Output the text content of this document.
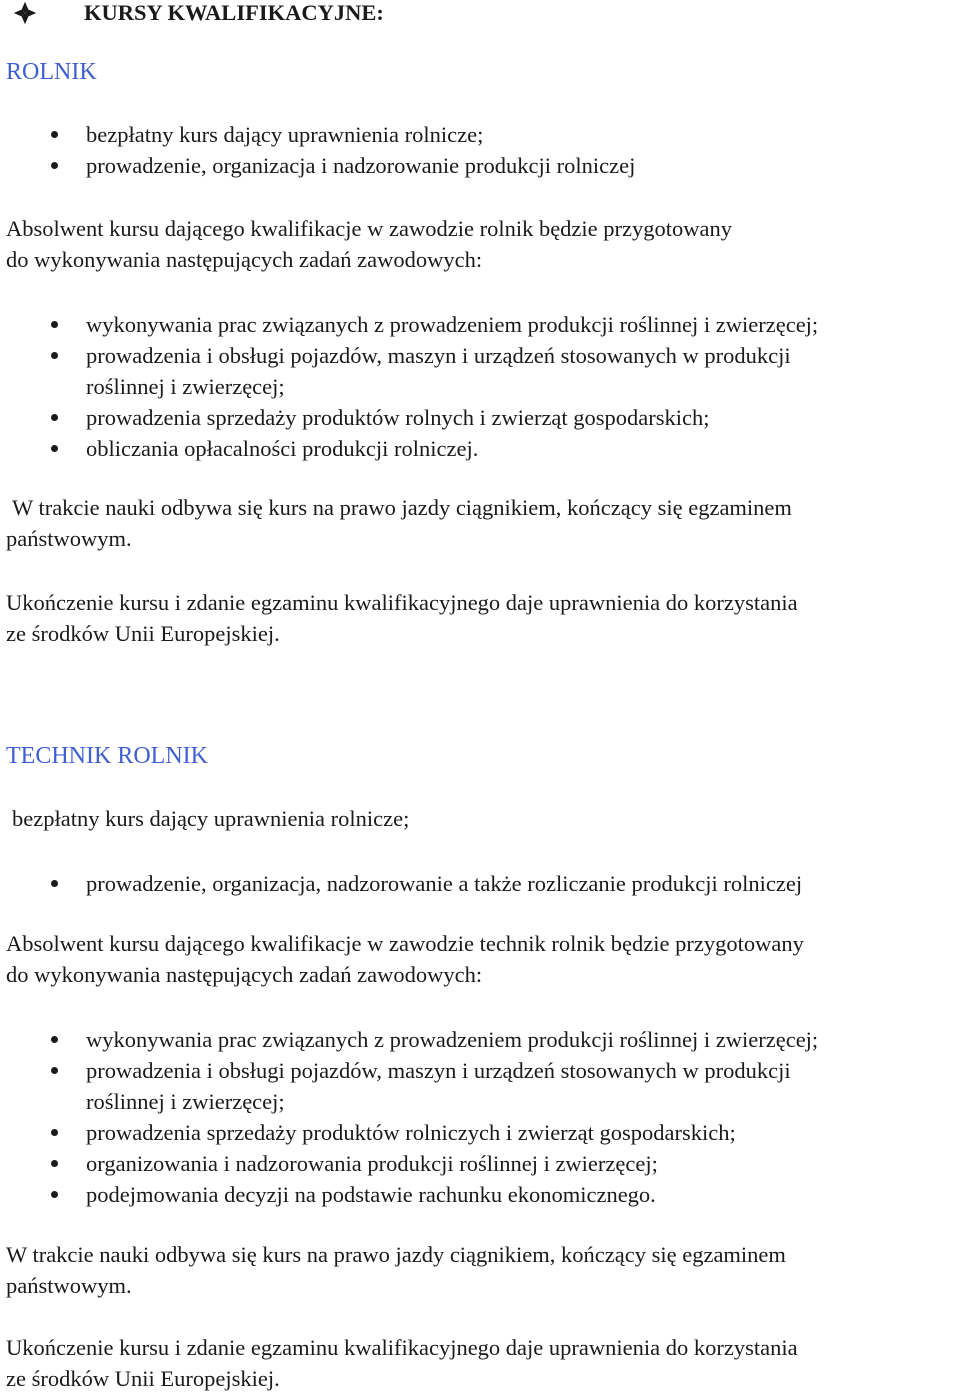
KURSY KWALIFIKACYJNE:
ROLNIK
bezpłatny kurs dający uprawnienia rolnicze;
prowadzenie, organizacja i nadzorowanie produkcji rolniczej
Absolwent kursu dającego kwalifikacje w zawodzie rolnik będzie przygotowany
do wykonywania następujących zadań zawodowych:
wykonywania prac związanych z prowadzeniem produkcji roślinnej i zwierzęcej;
prowadzenia i obsługi pojazdów, maszyn i urządzeń stosowanych w produkcji
roślinnej i zwierzęcej;
prowadzenia sprzedaży produktów rolnych i zwierząt gospodarskich;
obliczania opłacalności produkcji rolniczej.
W trakcie nauki odbywa się kurs na prawo jazdy ciągnikiem, kończący się egzaminem
państwowym.
Ukończenie kursu i zdanie egzaminu kwalifikacyjnego daje uprawnienia do korzystania
ze środków Unii Europejskiej.
TECHNIK ROLNIK
bezpłatny kurs dający uprawnienia rolnicze;
prowadzenie, organizacja, nadzorowanie a także rozliczanie produkcji rolniczej
Absolwent kursu dającego kwalifikacje w zawodzie technik rolnik będzie przygotowany
do wykonywania następujących zadań zawodowych:
wykonywania prac związanych z prowadzeniem produkcji roślinnej i zwierzęcej;
prowadzenia i obsługi pojazdów, maszyn i urządzeń stosowanych w produkcji
roślinnej i zwierzęcej;
prowadzenia sprzedaży produktów rolniczych i zwierząt gospodarskich;
organizowania i nadzorowania produkcji roślinnej i zwierzęcej;
podejmowania decyzji na podstawie rachunku ekonomicznego.
W trakcie nauki odbywa się kurs na prawo jazdy ciągnikiem, kończący się egzaminem
państwowym.
Ukończenie kursu i zdanie egzaminu kwalifikacyjnego daje uprawnienia do korzystania
ze środków Unii Europejskiej.
